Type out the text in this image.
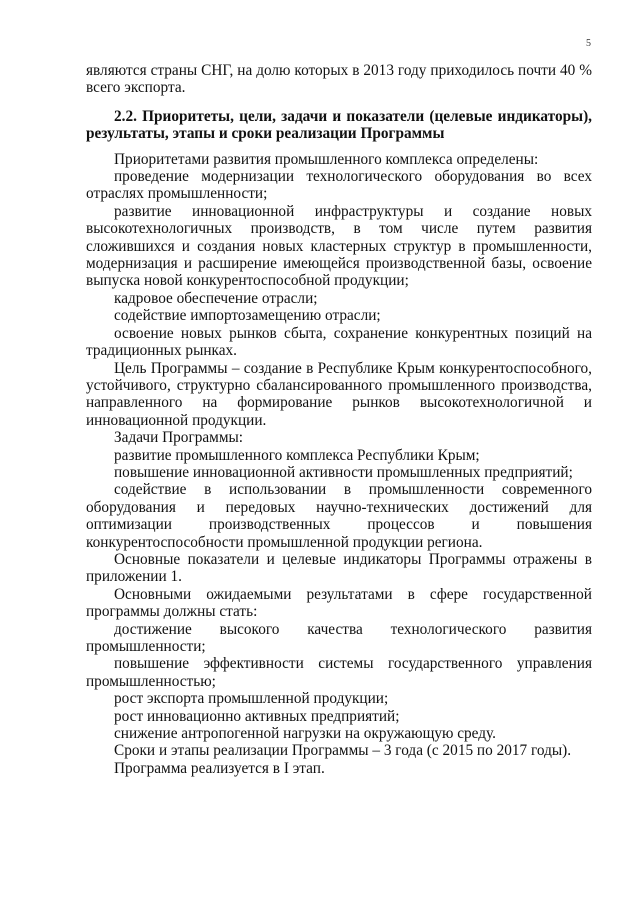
5

являются страны СНГ, на долю которых в 2013 году приходилось почти 40 %

всего экспорта.

2.2. Приоритеты, цели, задачи и показатели (целевые индикаторы),
результаты, этапы и сроки реализации Программы

Приоритетами развития промышленного комплекса определены:

проведение модернизации технологического оборудования во всех

отраслях промышленности;

развитие инновационной инфраструктуры и создание новых

высокотехнологичных производств, в том числе путем развития

сложившихся и создания новых кластерных структур в промышленности,

модернизация и расширение имеющейся производственной базы, освоение

выпуска новой конкурентоспособной продукции;

кадровое обеспечение отрасли;

содействие импортозамещению отрасли;

освоение новых рынков сбыта, сохранение конкурентных позиций на

традиционных рынках.

Цель Программы – создание в Республике Крым конкурентоспособного,

устойчивого, структурно сбалансированного промышленного производства,

направленного на формирование рынков высокотехнологичной и

инновационной продукции.

Задачи Программы:

развитие промышленного комплекса Республики Крым;

повышение инновационной активности промышленных предприятий;

содействие в использовании в промышленности современного

оборудования и передовых научно-технических достижений для

оптимизации производственных процессов и повышения

конкурентоспособности промышленной продукции региона.

Основные показатели и целевые индикаторы Программы отражены в

приложении 1.

Основными ожидаемыми результатами в сфере государственной

программы должны стать:

достижение высокого качества технологического развития

промышленности;

повышение эффективности системы государственного управления

промышленностью;

рост экспорта промышленной продукции;

рост инновационно активных предприятий;

снижение антропогенной нагрузки на окружающую среду.

Сроки и этапы реализации Программы – 3 года (с 2015 по 2017 годы).

Программа реализуется в I этап.
